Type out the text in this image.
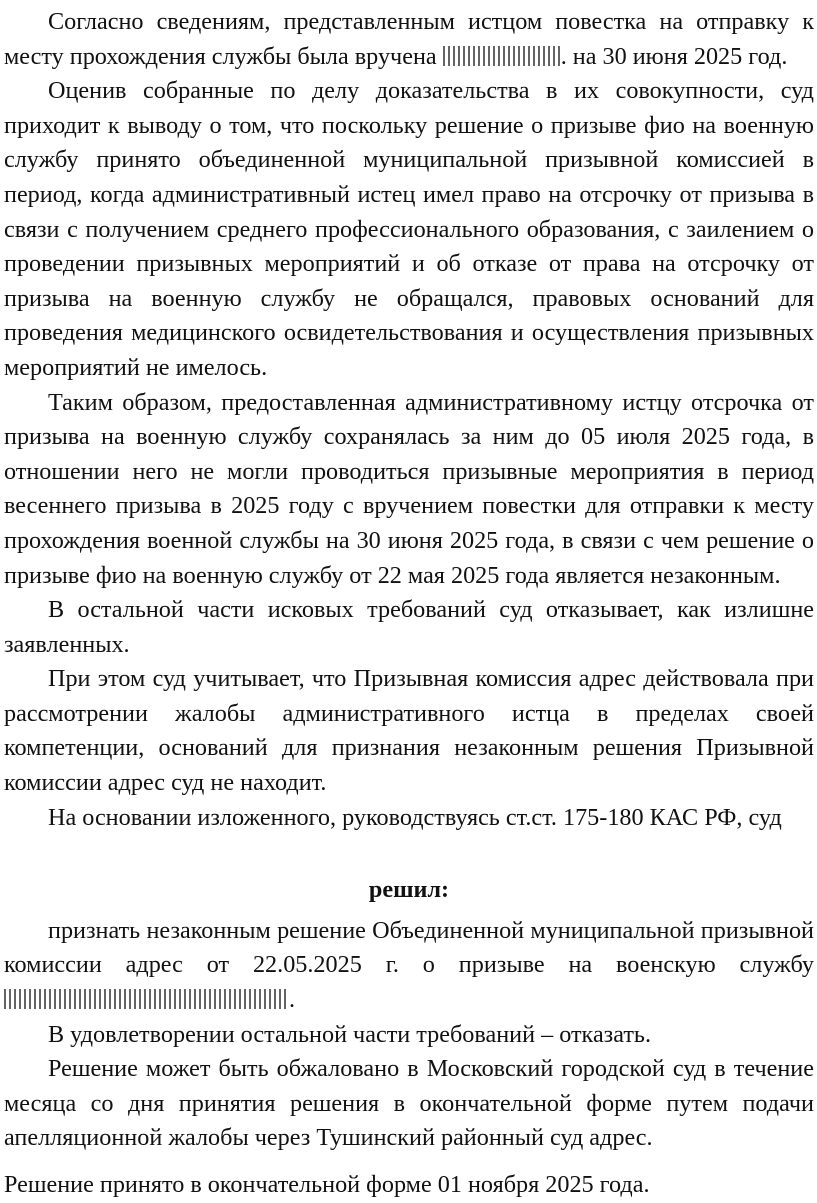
Согласно сведениям, представленным истцом повестка на отправку к месту прохождения службы была вручена	. на 30 июня 2025 год.

Оценив собранные по делу доказательства в их совокупности, суд приходит к выводу о том, что поскольку решение о призыве фио на военную службу принято объединенной муниципальной призывной комиссией в период, когда административный истец имел право на отсрочку от призыва в связи с получением среднего профессионального образования, с заилением о проведении призывных мероприятий и об отказе от права на отсрочку от призыва на военную службу не обращался, правовых оснований для проведения медицинского освидетельствования и осуществления призывных мероприятий не имелось.

Таким образом, предоставленная административному истцу отсрочка от призыва на военную службу сохранялась за ним до 05 июля 2025 года, в отношении него не могли проводиться призывные мероприятия в период весеннего призыва в 2025 году с вручением повестки для отправки к месту прохождения военной службы на 30 июня 2025 года, в связи с чем решение о призыве фио на военную службу от 22 мая 2025 года является незаконным.

В остальной части исковых требований суд отказывает, как излишне заявленных.

При этом суд учитывает, что Призывная комиссия адрес действовала при рассмотрении жалобы административного истца в пределах своей компетенции, оснований для признания незаконным решения Призывной комиссии адрес суд не находит.

На основании изложенного, руководствуясь ст.ст. 175-180 КАС РФ, суд

решил:

признать незаконным решение Объединенной муниципальной призывной комиссии адрес от 22.05.2025 г. о призыве на военскую службу .

В удовлетворении остальной части требований – отказать.

Решение может быть обжаловано в Московский городской суд в течение месяца со дня принятия решения в окончательной форме путем подачи апелляционной жалобы через Тушинский районный суд адрес.

Решение принято в окончательной форме 01 ноября 2025 года.
